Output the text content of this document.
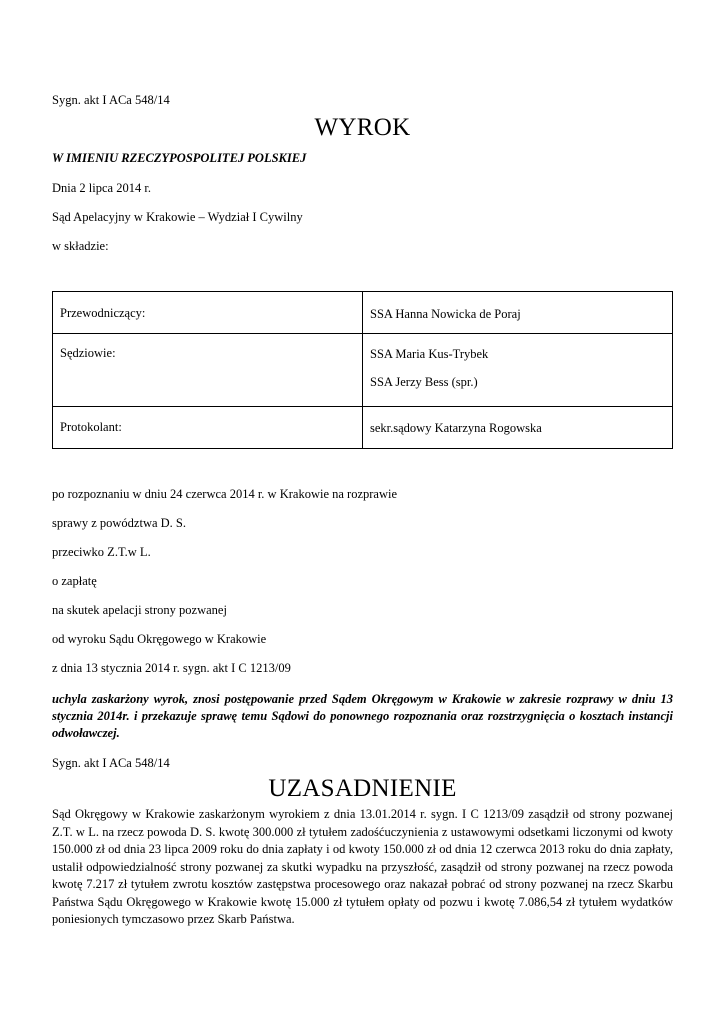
Sygn. akt I ACa 548/14
WYROK
W IMIENIU RZECZYPOSPOLITEJ POLSKIEJ
Dnia 2 lipca 2014 r.
Sąd Apelacyjny w Krakowie – Wydział I Cywilny
w składzie:
Przewodniczący:	SSA Hanna Nowicka de Poraj

Sędziowie:	SSA Maria Kus-Trybek
SSA Jerzy Bess (spr.)

Protokolant:	sekr.sądowy Katarzyna Rogowska
po rozpoznaniu w dniu 24 czerwca 2014 r. w Krakowie na rozprawie
sprawy z powództwa D. S.
przeciwko Z.T.w L.
o zapłatę
na skutek apelacji strony pozwanej
od wyroku Sądu Okręgowego w Krakowie
z dnia 13 stycznia 2014 r. sygn. akt I C 1213/09
uchyla zaskarżony wyrok, znosi postępowanie przed Sądem Okręgowym w Krakowie w zakresie rozprawy w dniu 13 stycznia 2014r. i przekazuje sprawę temu Sądowi do ponownego rozpoznania oraz rozstrzygnięcia o kosztach instancji odwoławczej.
Sygn. akt I ACa 548/14
UZASADNIENIE
Sąd Okręgowy w Krakowie zaskarżonym wyrokiem z dnia 13.01.2014 r. sygn. I C 1213/09 zasądził od strony pozwanej Z.T. w L. na rzecz powoda D. S. kwotę 300.000 zł tytułem zadośćuczynienia z ustawowymi odsetkami liczonymi od kwoty 150.000 zł od dnia 23 lipca 2009 roku do dnia zapłaty i od kwoty 150.000 zł od dnia 12 czerwca 2013 roku do dnia zapłaty, ustalił odpowiedzialność strony pozwanej za skutki wypadku na przyszłość, zasądził od strony pozwanej na rzecz powoda kwotę 7.217 zł tytułem zwrotu kosztów zastępstwa procesowego oraz nakazał pobrać od strony pozwanej na rzecz Skarbu Państwa Sądu Okręgowego w Krakowie kwotę 15.000 zł tytułem opłaty od pozwu i kwotę 7.086,54 zł tytułem wydatków poniesionych tymczasowo przez Skarb Państwa.
